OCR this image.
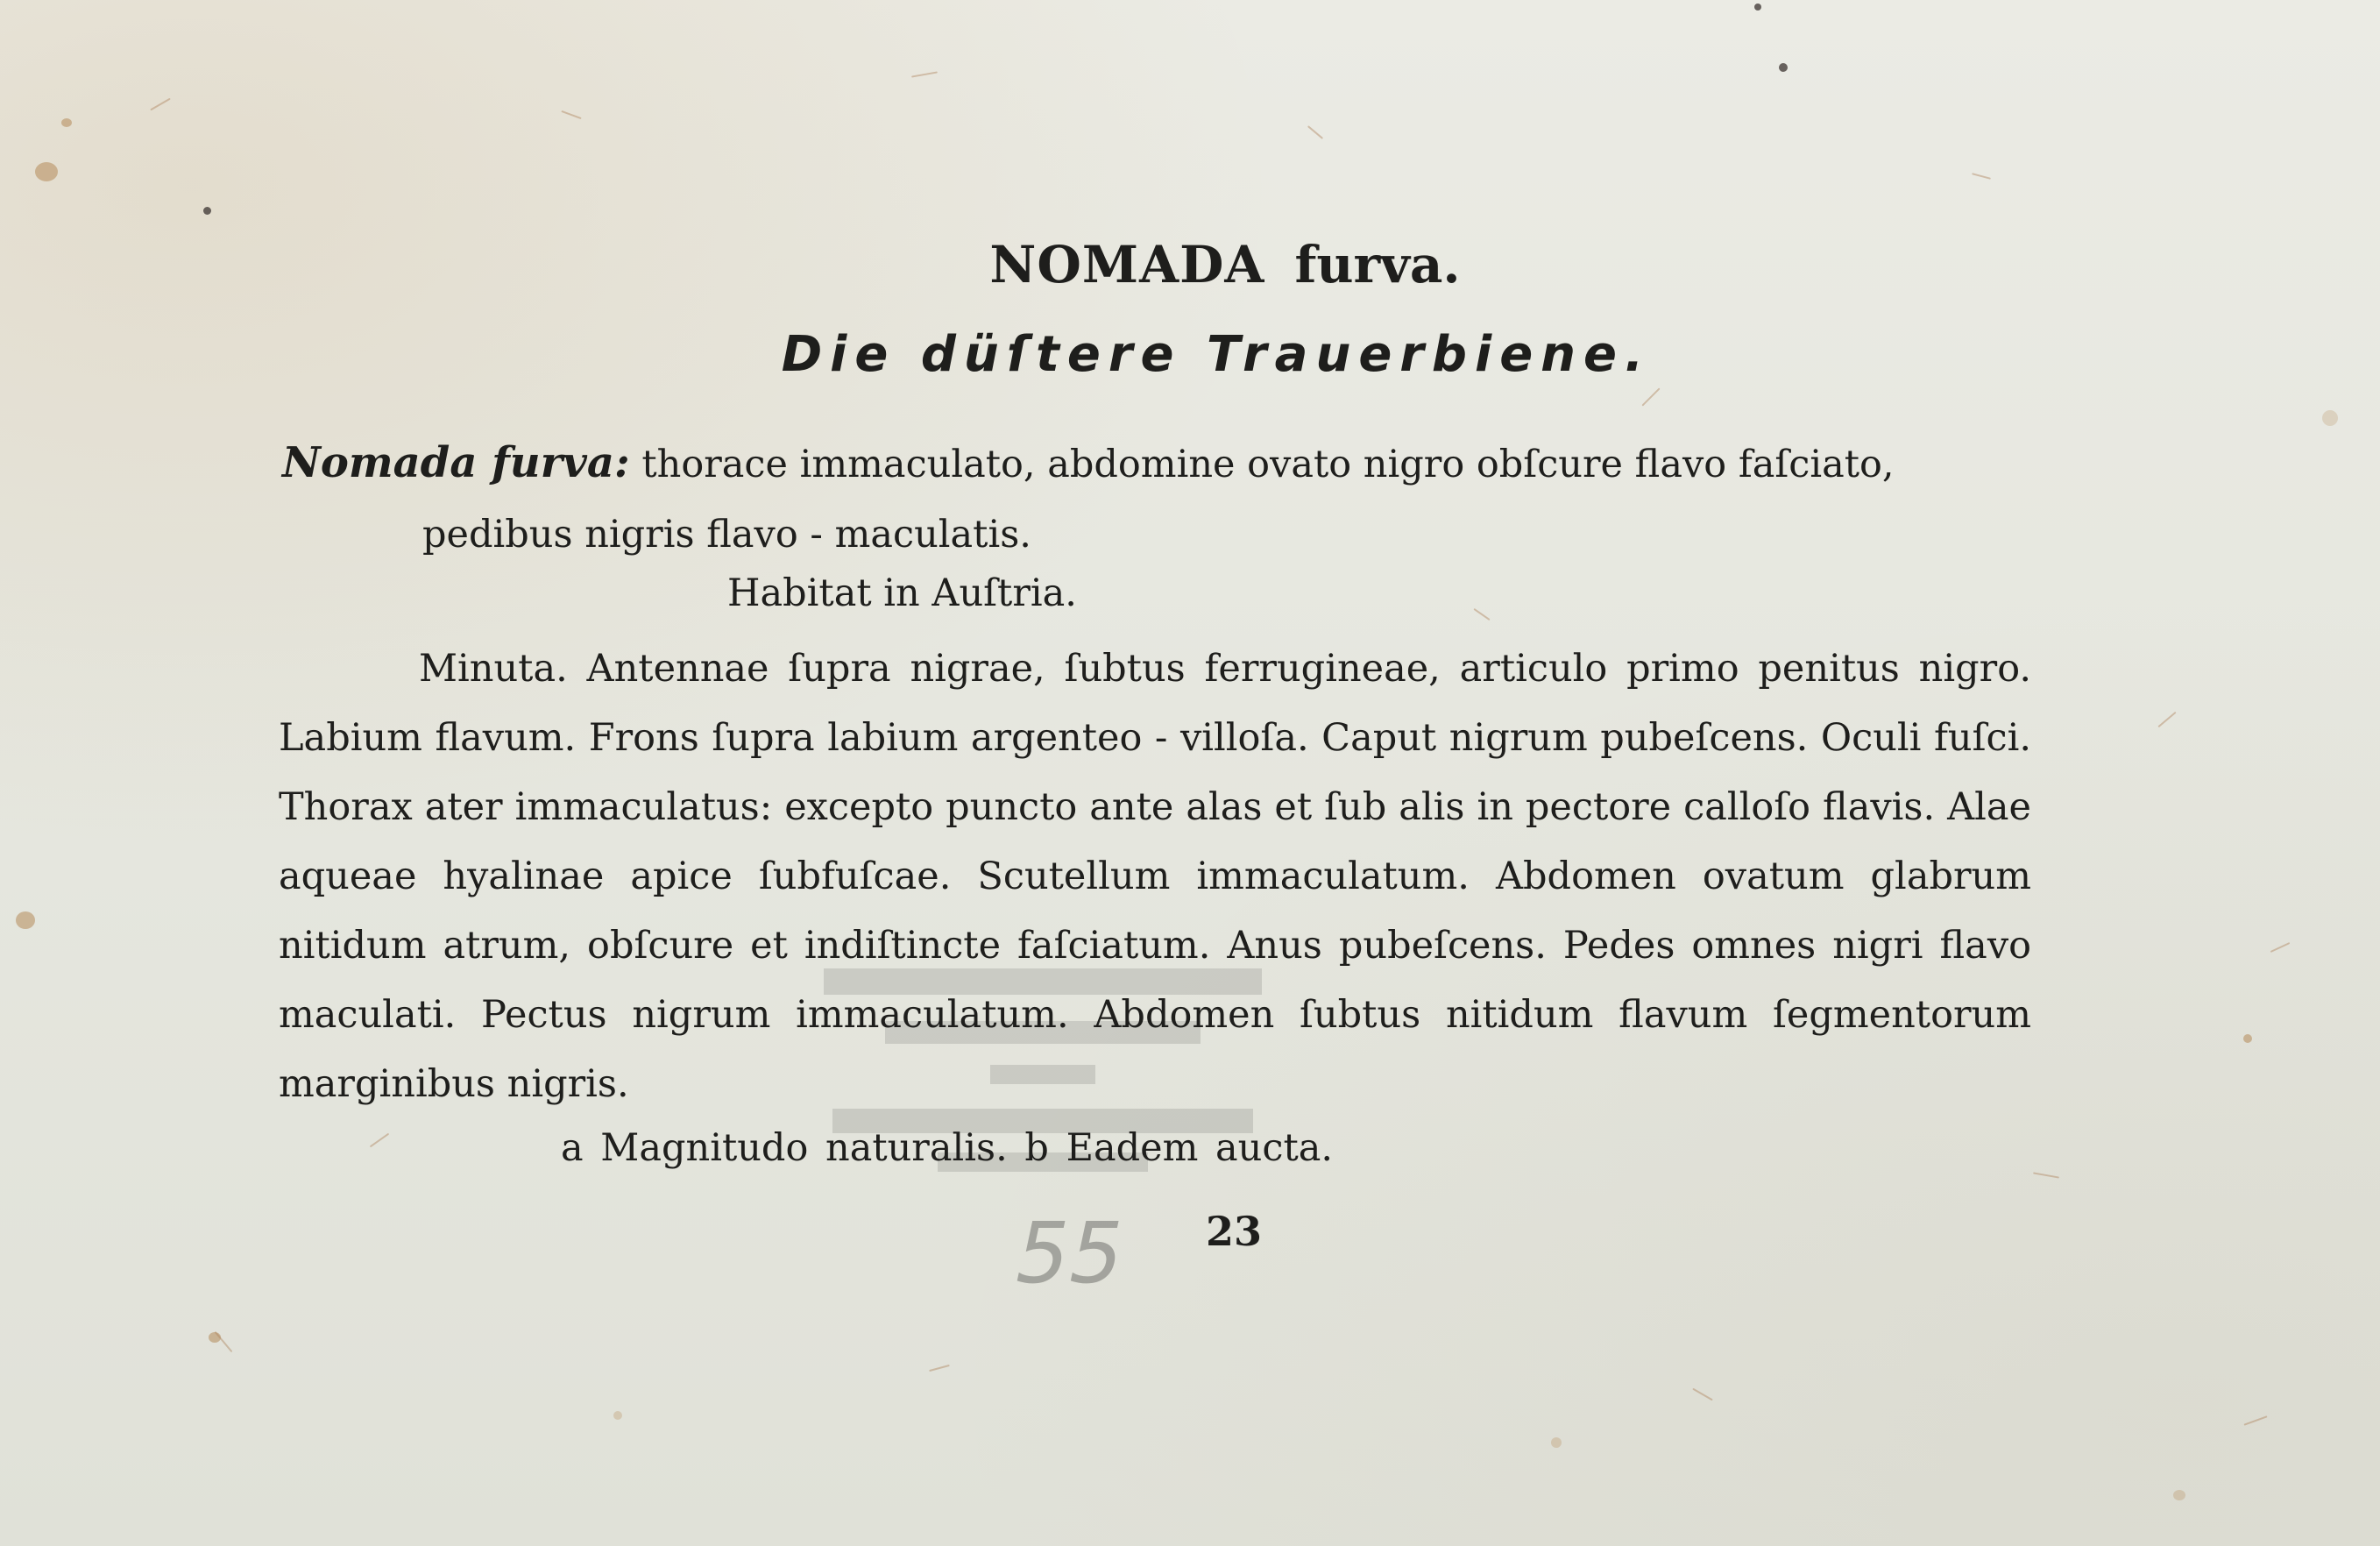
NOMADA furva.
Die düſtere Trauerbiene.

Nomada furva: thorace immaculato, abdomine ovato nigro obſcure flavo faſciato,
pedibus nigris flavo - maculatis.

Habitat in Auſtria.

Minuta. Antennae ſupra nigrae, ſubtus ferrugineae, articulo primo penitus nigro. Labium flavum. Frons ſupra labium argenteo - villoſa. Caput nigrum pubeſcens. Oculi fuſci. Thorax ater immaculatus: excepto puncto ante alas et ſub alis in pectore calloſo flavis. Alae aqueae hyalinae apice ſubfuſcae. Scutellum immaculatum. Abdomen ovatum glabrum nitidum atrum, obſcure et indiſtincte faſciatum. Anus pubeſcens. Pedes omnes nigri flavo maculati. Pectus nigrum immaculatum. Abdomen ſubtus nitidum flavum ſegmentorum marginibus nigris.

a Magnitudo naturalis. b Eadem aucta.

55 23
